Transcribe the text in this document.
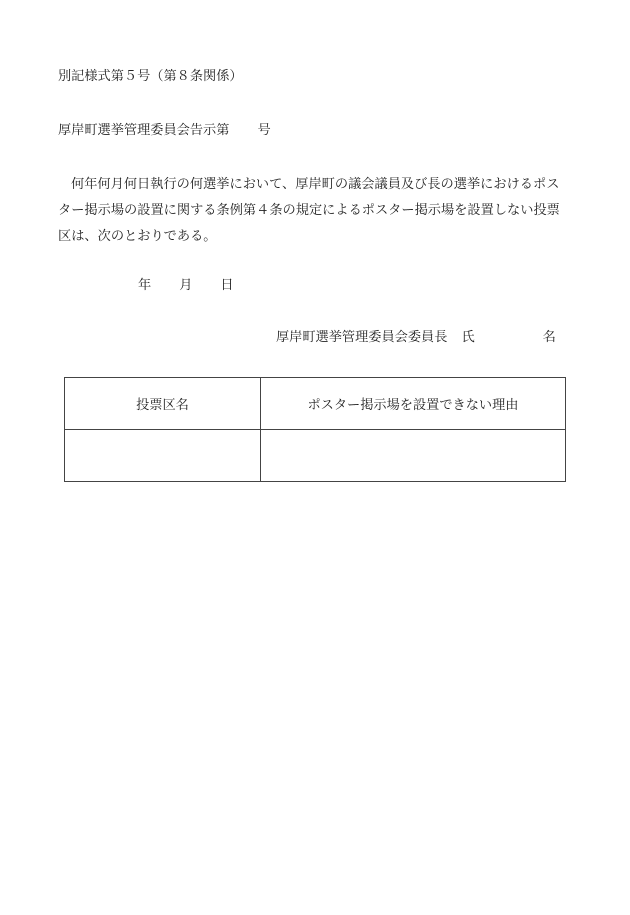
別記様式第５号（第８条関係）
厚岸町選挙管理委員会告示第 号
何年何月何日執行の何選挙において、厚岸町の議会議員及び長の選挙におけるポス
ター掲示場の設置に関する条例第４条の規定によるポスター掲示場を設置しない投票
区は、次のとおりである。
年 月 日
厚岸町選挙管理委員会委員長 氏	名
投票区名	ポスター掲示場を設置できない理由
